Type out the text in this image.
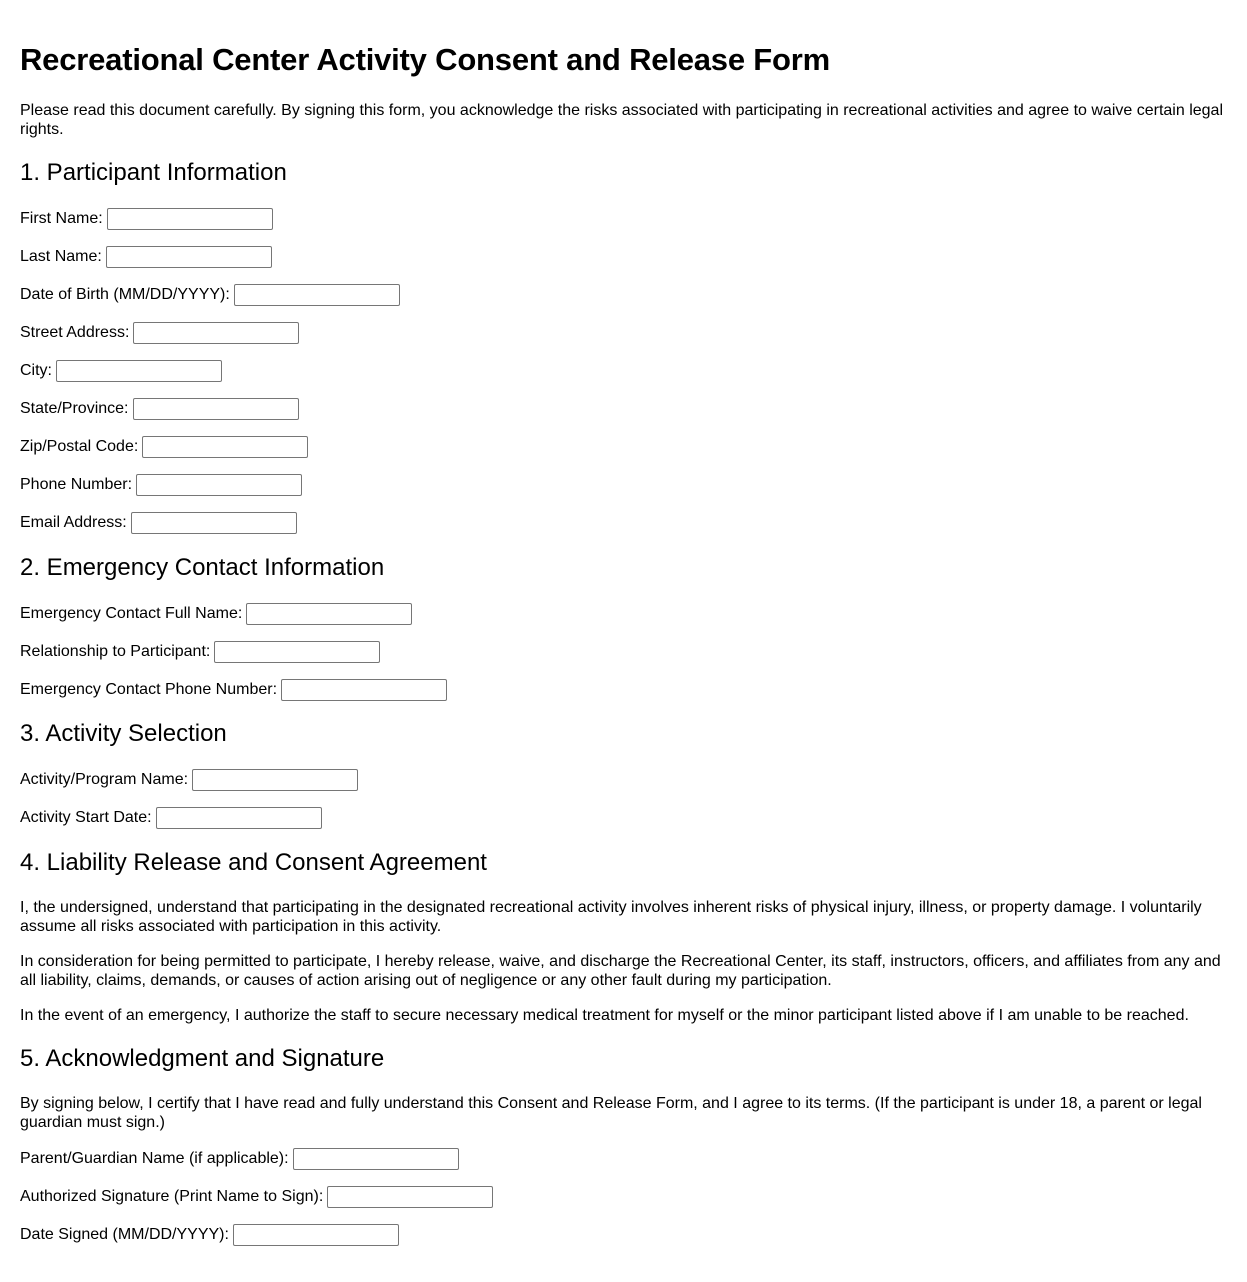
Recreational Center Activity Consent and Release Form

Please read this document carefully. By signing this form, you acknowledge the risks associated with participating in recreational activities and agree to waive certain legal rights.

1. Participant Information
First Name:
Last Name:
Date of Birth (MM/DD/YYYY):
Street Address:
City:
State/Province:
Zip/Postal Code:
Phone Number:
Email Address:
2. Emergency Contact Information
Emergency Contact Full Name:
Relationship to Participant:
Emergency Contact Phone Number:
3. Activity Selection
Activity/Program Name:
Activity Start Date:
4. Liability Release and Consent Agreement

I, the undersigned, understand that participating in the designated recreational activity involves inherent risks of physical injury, illness, or property damage. I voluntarily assume all risks associated with participation in this activity.

In consideration for being permitted to participate, I hereby release, waive, and discharge the Recreational Center, its staff, instructors, officers, and affiliates from any and all liability, claims, demands, or causes of action arising out of negligence or any other fault during my participation.

In the event of an emergency, I authorize the staff to secure necessary medical treatment for myself or the minor participant listed above if I am unable to be reached.

5. Acknowledgment and Signature

By signing below, I certify that I have read and fully understand this Consent and Release Form, and I agree to its terms. (If the participant is under 18, a parent or legal guardian must sign.)

Parent/Guardian Name (if applicable):
Authorized Signature (Print Name to Sign):
Date Signed (MM/DD/YYYY):
